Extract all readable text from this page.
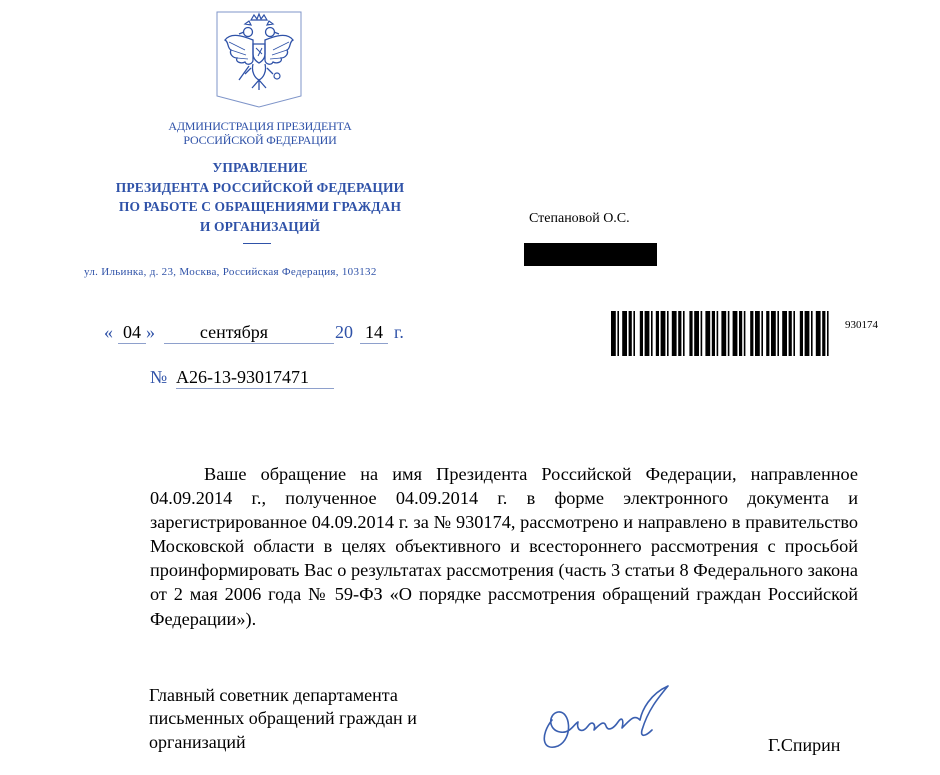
АДМИНИСТРАЦИЯ ПРЕЗИДЕНТА
РОССИЙСКОЙ ФЕДЕРАЦИИ
УПРАВЛЕНИЕ
ПРЕЗИДЕНТА РОССИЙСКОЙ ФЕДЕРАЦИИ
ПО РАБОТЕ С ОБРАЩЕНИЯМИ ГРАЖДАН
И ОРГАНИЗАЦИЙ
ул. Ильинка, д. 23, Москва, Российская Федерация, 103132
« 04 »	сентября	20 14 г.
№ А26-13-93017471
Степановой О.С.
930174
Ваше обращение на имя Президента Российской Федерации, направленное 04.09.2014 г., полученное 04.09.2014 г. в форме электронного документа и зарегистрированное 04.09.2014 г. за № 930174, рассмотрено и направлено в правительство Московской области в целях объективного и всестороннего рассмотрения с просьбой проинформировать Вас о результатах рассмотрения (часть 3 статьи 8 Федерального закона от 2 мая 2006 года № 59-ФЗ «О порядке рассмотрения обращений граждан Российской Федерации»).
Главный советник департамента
письменных обращений граждан и
организаций	Г.Спирин
